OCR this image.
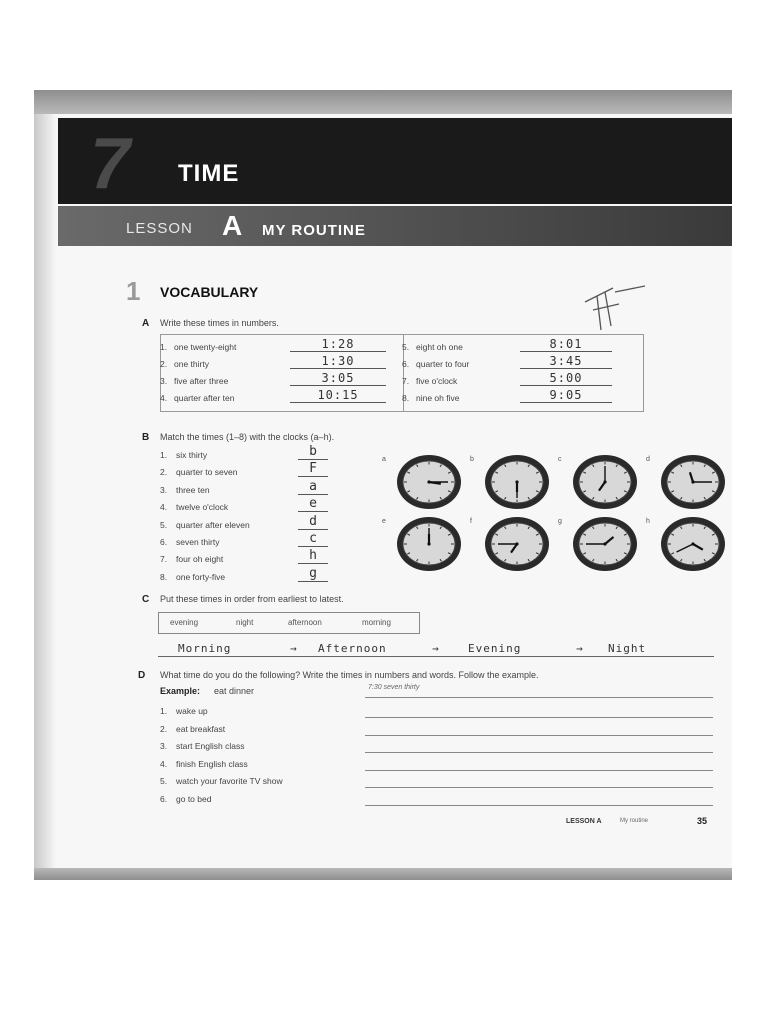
7 TIME
LESSON A MY ROUTINE
1 VOCABULARY
A Write these times in numbers.
1. one twenty-eight	1:28
2. one thirty	1:30
3. five after three	3:05
4. quarter after ten	10:15
5. eight oh one	8:01
6. quarter to four	3:45
7. five o'clock	5:00
8. nine oh five	9:05
B Match the times (1–8) with the clocks (a–h).
1. six thirty	b
2. quarter to seven	F
3. three ten	a
4. twelve o'clock	e
5. quarter after eleven	d
6. seven thirty	c
7. four oh eight	h
8. one forty-five	g
a	b	c	d
e	f	g	h
C Put these times in order from earliest to latest.
evening	night	afternoon	morning
Morning	→ Afternoon	→	Evening	→ Night
D What time do you do the following? Write the times in numbers and words. Follow the example.
Example: eat dinner	7:30 seven thirty
1. wake up
2. eat breakfast
3. start English class
4. finish English class
5. watch your favorite TV show
6. go to bed
LESSON A	My routine	35
